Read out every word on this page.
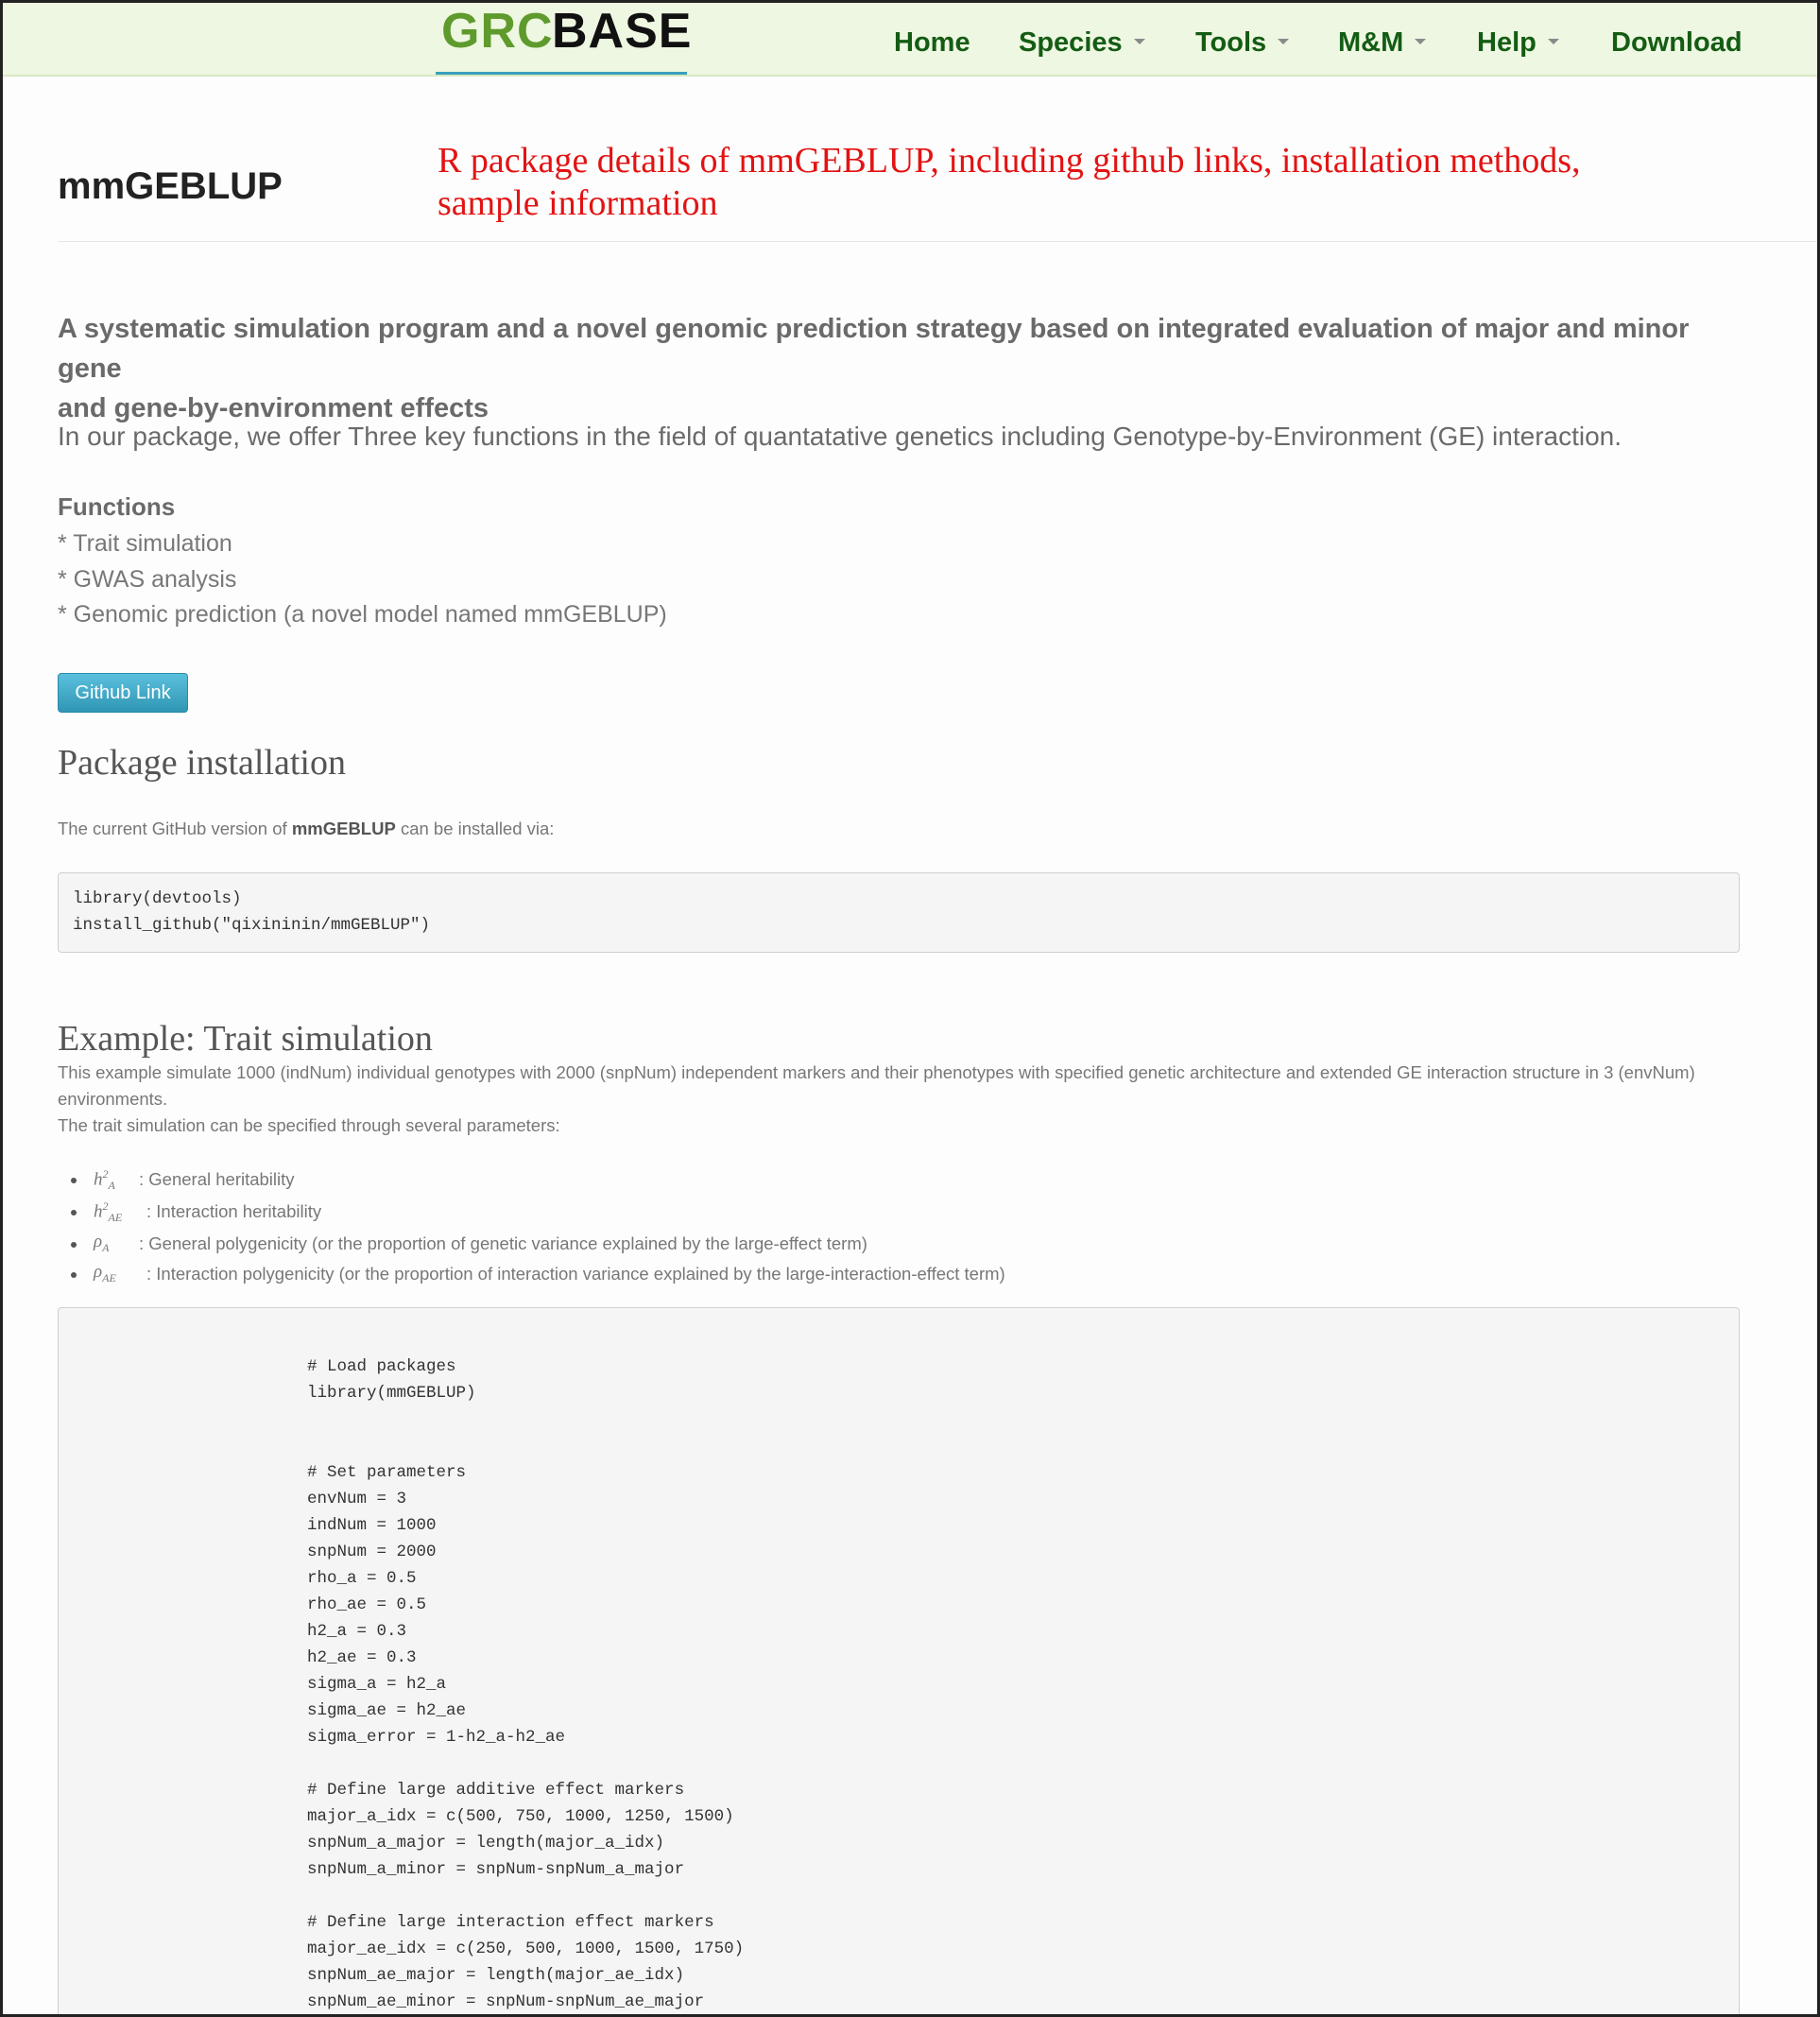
GRC
BASE	Home Species	Tools	M&M	Help	Download
mmGEBLUP
R package details of mmGEBLUP, including github links, installation methods,
sample information
A systematic simulation program and a novel genomic prediction strategy based on integrated evaluation of major and minor gene
and gene-by-environment effects
In our package, we offer Three key functions in the field of quantatative genetics including Genotype-by-Environment (GE) interaction.
Functions
* Trait simulation
* GWAS analysis
* Genomic prediction (a novel model named mmGEBLUP)
Github Link
Package installation
The current GitHub version of mmGEBLUP can be installed via:
library(devtools)
install_github("qixininin/mmGEBLUP")
Example: Trait simulation
This example simulate 1000 (indNum) individual genotypes with 2000 (snpNum) independent markers and their phenotypes with specified genetic architecture and extended GE interaction structure in 3 (envNum)
environments.
The trait simulation can be specified through several parameters:
$h^2_A$ : General heritability
$h^2_{AE}$ : Interaction heritability
$\rho_A$ : General polygenicity (or the proportion of genetic variance explained by the large-effect term)
$\rho_{AE}$ : Interaction polygenicity (or the proportion of interaction variance explained by the large-interaction-effect term)
# Load packages
library(mmGEBLUP)
# Set parameters
envNum = 3
indNum = 1000
snpNum = 2000
rho_a = 0.5
rho_ae = 0.5
h2_a = 0.3
h2_ae = 0.3
sigma_a = h2_a
sigma_ae = h2_ae
sigma_error = 1-h2_a-h2_ae
# Define large additive effect markers
major_a_idx = c(500, 750, 1000, 1250, 1500)
snpNum_a_major = length(major_a_idx)
snpNum_a_minor = snpNum-snpNum_a_major
# Define large interaction effect markers
major_ae_idx = c(250, 500, 1000, 1500, 1750)
snpNum_ae_major = length(major_ae_idx)
snpNum_ae_minor = snpNum-snpNum_ae_major
